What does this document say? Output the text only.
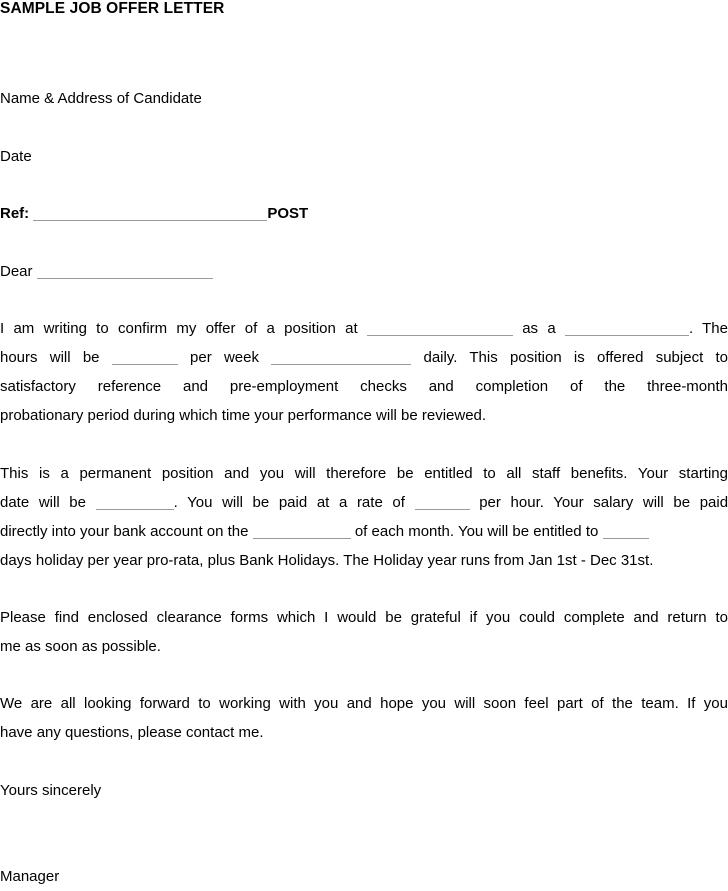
SAMPLE JOB OFFER LETTER

Name & Address of Candidate

Date

Ref:	POST

Dear

I am writing to confirm my offer of a position at	as a	. The
hours will be	per week	daily. This position is offered subject to
satisfactory reference and pre-employment checks and completion of the three-month
probationary period during which time your performance will be reviewed.
This is a permanent position and you will therefore be entitled to all staff benefits. Your starting
date will be	. You will be paid at a rate of	per hour. Your salary will be paid
directly into your bank account on the	of each month. You will be entitled to
days holiday per year pro-rata, plus Bank Holidays. The Holiday year runs from Jan 1st - Dec 31st.
Please find enclosed clearance forms which I would be grateful if you could complete and return to
me as soon as possible.
We are all looking forward to working with you and hope you will soon feel part of the team. If you
have any questions, please contact me.

Yours sincerely

Manager
